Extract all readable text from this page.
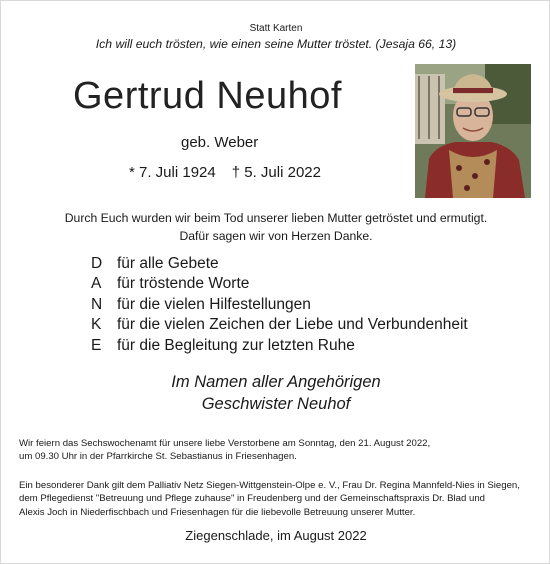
Statt Karten
Ich will euch trösten, wie einen seine Mutter tröstet. (Jesaja 66, 13)
Gertrud Neuhof
geb. Weber
* 7. Juli 1924 † 5. Juli 2022
Durch Euch wurden wir beim Tod unserer lieben Mutter getröstet und ermutigt.
Dafür sagen wir von Herzen Danke.
D für alle Gebete
A	für tröstende Worte
N für die vielen Hilfestellungen
K	für die vielen Zeichen der Liebe und Verbundenheit
E	für die Begleitung zur letzten Ruhe
Im Namen aller Angehörigen
Geschwister Neuhof
Wir feiern das Sechswochenamt für unsere liebe Verstorbene am Sonntag, den 21. August 2022,
um 09.30 Uhr in der Pfarrkirche St. Sebastianus in Friesenhagen.
Ein besonderer Dank gilt dem Palliativ Netz Siegen-Wittgenstein-Olpe e. V., Frau Dr. Regina Mannfeld-Nies in Siegen,
dem Pflegedienst "Betreuung und Pflege zuhause" in Freudenberg und der Gemeinschaftspraxis Dr. Blad und
Alexis Joch in Niederfischbach und Friesenhagen für die liebevolle Betreuung unserer Mutter.
Ziegenschlade, im August 2022
